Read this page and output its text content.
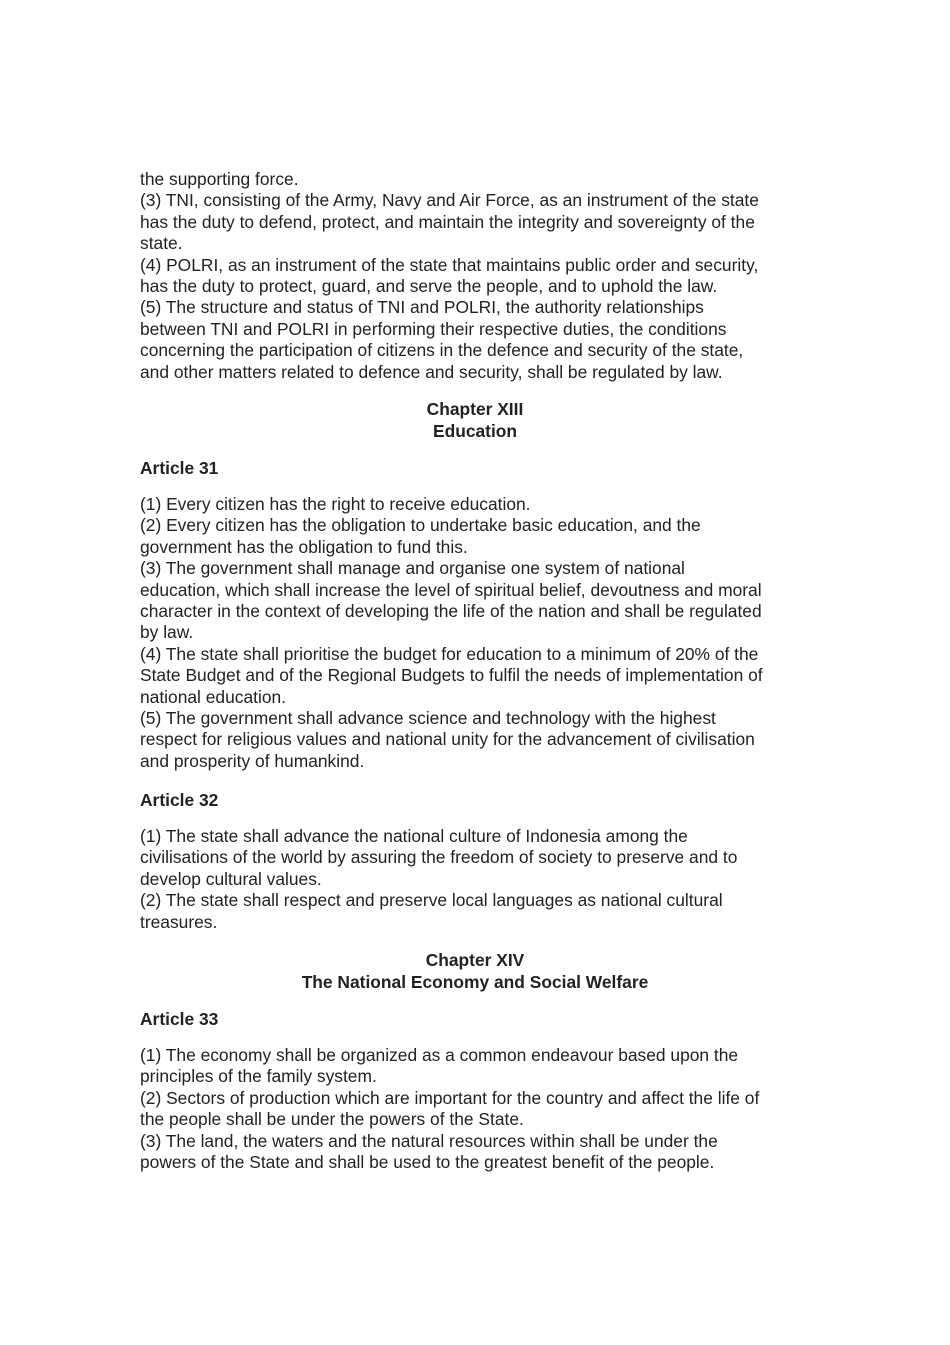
the supporting force.
(3) TNI, consisting of the Army, Navy and Air Force, as an instrument of the state
has the duty to defend, protect, and maintain the integrity and sovereignty of the
state.
(4) POLRI, as an instrument of the state that maintains public order and security,
has the duty to protect, guard, and serve the people, and to uphold the law.
(5) The structure and status of TNI and POLRI, the authority relationships
between TNI and POLRI in performing their respective duties, the conditions
concerning the participation of citizens in the defence and security of the state,
and other matters related to defence and security, shall be regulated by law.
Chapter XIII
Education
Article 31
(1) Every citizen has the right to receive education.
(2) Every citizen has the obligation to undertake basic education, and the
government has the obligation to fund this.
(3) The government shall manage and organise one system of national
education, which shall increase the level of spiritual belief, devoutness and moral
character in the context of developing the life of the nation and shall be regulated
by law.
(4) The state shall prioritise the budget for education to a minimum of 20% of the
State Budget and of the Regional Budgets to fulfil the needs of implementation of
national education.
(5) The government shall advance science and technology with the highest
respect for religious values and national unity for the advancement of civilisation
and prosperity of humankind.
Article 32
(1) The state shall advance the national culture of Indonesia among the
civilisations of the world by assuring the freedom of society to preserve and to
develop cultural values.
(2) The state shall respect and preserve local languages as national cultural
treasures.
Chapter XIV
The National Economy and Social Welfare
Article 33
(1) The economy shall be organized as a common endeavour based upon the
principles of the family system.
(2) Sectors of production which are important for the country and affect the life of
the people shall be under the powers of the State.
(3) The land, the waters and the natural resources within shall be under the
powers of the State and shall be used to the greatest benefit of the people.
